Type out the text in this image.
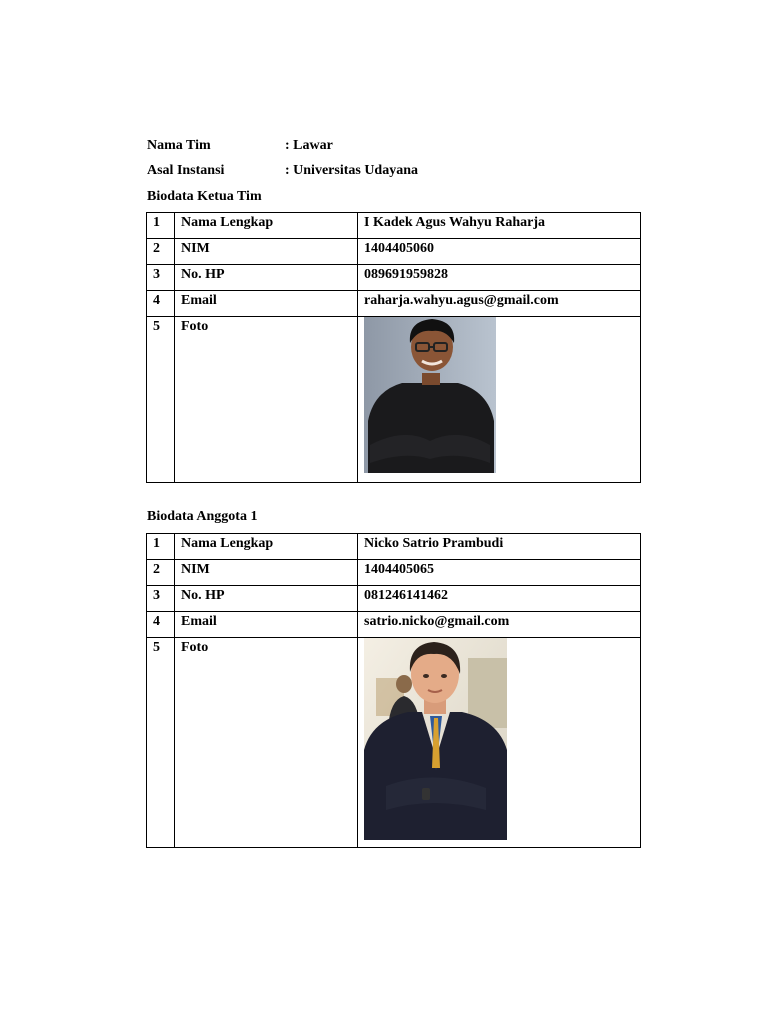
Nama Tim	: Lawar
Asal Instansi	: Universitas Udayana
Biodata Ketua Tim
1	Nama Lengkap	I Kadek Agus Wahyu Raharja
2	NIM	1404405060
3	No. HP	089691959828
4	Email	raharja.wahyu.agus@gmail.com
5	Foto	
Biodata Anggota 1
1	Nama Lengkap	Nicko Satrio Prambudi
2	NIM	1404405065
3	No. HP	081246141462
4	Email	satrio.nicko@gmail.com
5	Foto	
